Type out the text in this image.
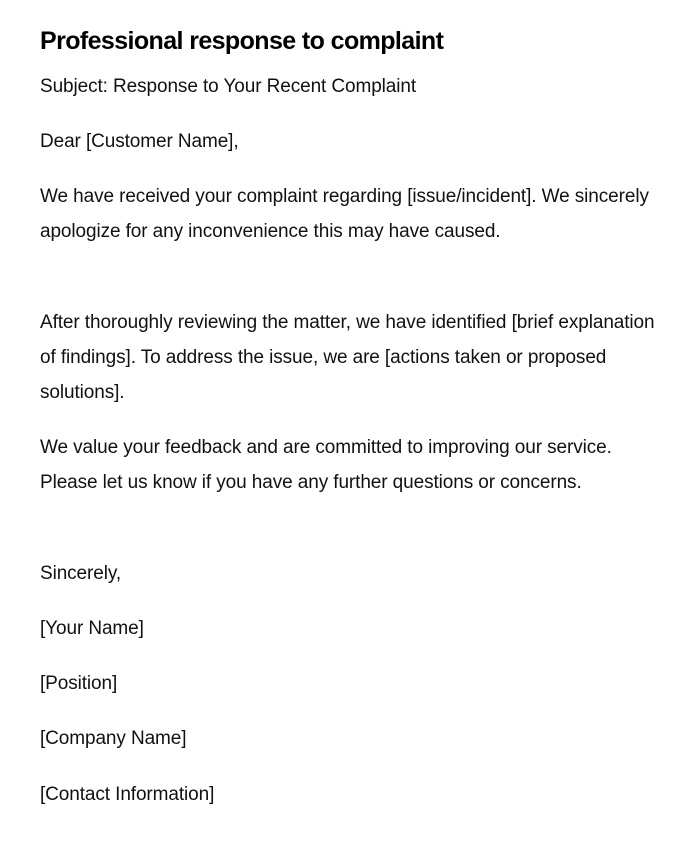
Professional response to complaint

Subject: Response to Your Recent Complaint

Dear [Customer Name],

We have received your complaint regarding [issue/incident]. We sincerely apologize for any inconvenience this may have caused.

After thoroughly reviewing the matter, we have identified [brief explanation of findings]. To address the issue, we are [actions taken or proposed solutions].

We value your feedback and are committed to improving our service. Please let us know if you have any further questions or concerns.

Sincerely,

[Your Name]

[Position]

[Company Name]

[Contact Information]
